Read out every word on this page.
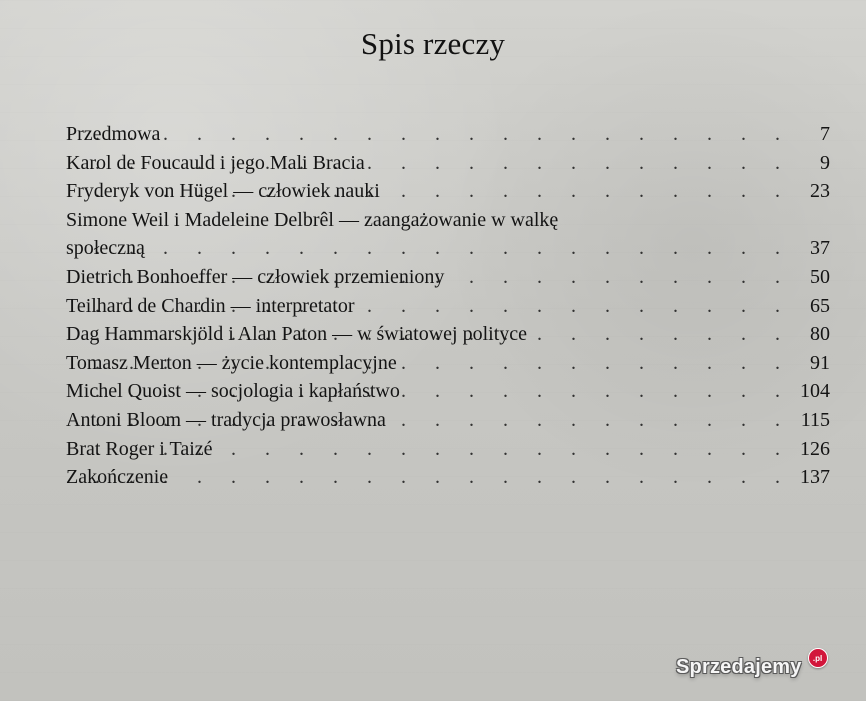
Spis rzeczy
. . .
Przedmowa	7
. . .
Karol de Foucauld i jego Mali Bracia	9
. . .
Fryderyk von Hügel — człowiek nauki	23
Simone Weil i Madeleine Delbrêl — zaangażowanie w walkę
. . .
społeczną	37
. . .
Dietrich Bonhoeffer — człowiek przemieniony	50
. . .
Teilhard de Chardin — interpretator	65
. . .
Dag Hammarskjöld i Alan Paton — w światowej polityce	80
. . .
Tomasz Merton — życie kontemplacyjne	91
. . .
Michel Quoist — socjologia i kapłaństwo	104
. . .
Antoni Bloom — tradycja prawosławna	115
. . .
Brat Roger i Taizé	126
. . .
Zakończenie	137
Sprzedajemy	.pl
